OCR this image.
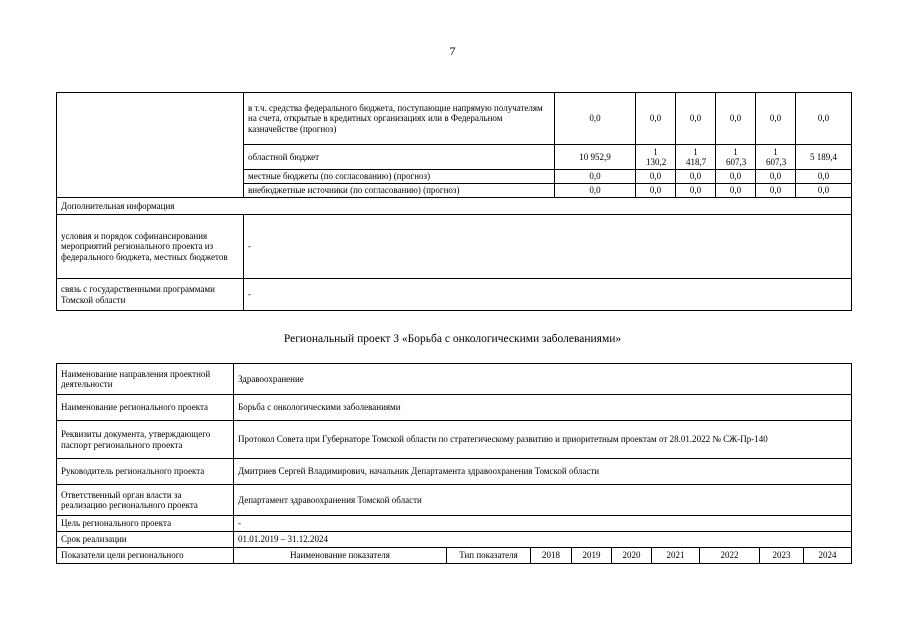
7
	в т.ч. средства федерального бюджета, поступающие напрямую получателям на счета, открытые в кредитных организациях или в Федеральном казначействе (прогноз)	0,0	0,0	0,0	0,0	0,0	0,0
	областной бюджет	10 952,9	1 130,2	1 418,7	1 607,3	1 607,3	5 189,4
	местные бюджеты (по согласованию) (прогноз)	0,0	0,0	0,0	0,0	0,0	0,0
	внебюджетные источники (по согласованию) (прогноз)	0,0	0,0	0,0	0,0	0,0	0,0
Дополнительная информация							
условия и порядок софинансирования мероприятий регионального проекта из федерального бюджета, местных бюджетов	-						
связь с государственными программами Томской области	-						
Региональный проект 3 «Борьба с онкологическими заболеваниями»
Наименование направления проектной деятельности	Здравоохранение								
Наименование регионального проекта	Борьба с онкологическими заболеваниями								
Реквизиты документа, утверждающего паспорт регионального проекта	Протокол Совета при Губернаторе Томской области по стратегическому развитию и приоритетным проектам от 28.01.2022 № СЖ-Пр-140								
Руководитель регионального проекта	Дмитриев Сергей Владимирович, начальник Департамента здравоохранения Томской области								
Ответственный орган власти за реализацию регионального проекта	Департамент здравоохранения Томской области								
Цель регионального проекта	-								
Срок реализации	01.01.2019 – 31.12.2024								
Показатели цели регионального	Наименование показателя	Тип показателя	2018	2019	2020	2021	2022	2023	2024
